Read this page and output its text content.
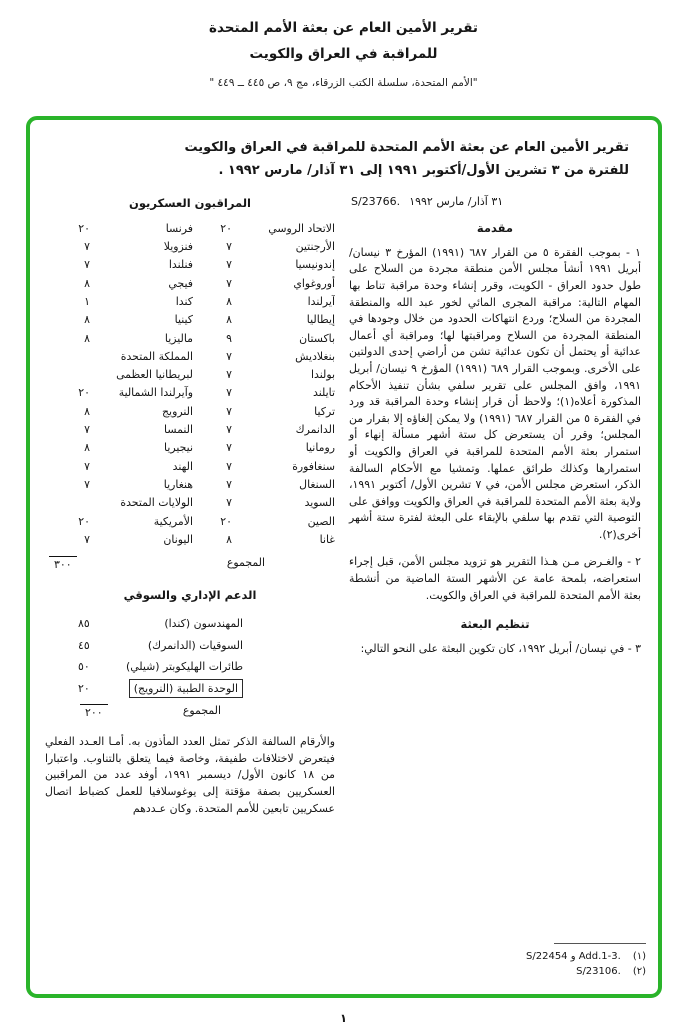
تقرير الأمين العام عن بعثة الأمم المتحدة
للمراقبة في العراق والكويت
"الأمم المتحدة، سلسلة الكتب الزرقاء، مج ٩، ص ٤٤٥ ــ ٤٤٩ "
تقرير الأمين العام عن بعثة الأمم المتحدة للمراقبة في العراق والكويت
للفترة من ٣ تشرين الأول/أكتوبر ١٩٩١ إلى ٣١ آذار/ مارس ١٩٩٢ .
S/23766. ٣١ آذار/ مارس ١٩٩٢
مقدمة
١ - بموجب الفقرة ٥ من القرار ٦٨٧ (١٩٩١) المؤرخ ٣ نيسان/ أبريل ١٩٩١ أنشأ مجلس الأمن منطقة مجردة من السلاح على طول حدود العراق - الكويت، وقرر إنشاء وحدة مراقبة تناط بها المهام التالية: مراقبة المجرى المائي لخور عبد الله والمنطقة المجردة من السلاح؛ وردع انتهاكات الحدود من خلال وجودها في المنطقة المجردة من السلاح ومراقبتها لها؛ ومراقبة أي أعمال عدائية أو يحتمل أن تكون عدائية تشن من أراضي إحدى الدولتين على الأخرى. وبموجب القرار ٦٨٩ (١٩٩١) المؤرخ ٩ نيسان/ أبريل ١٩٩١، وافق المجلس على تقرير سلفي بشأن تنفيذ الأحكام المذكورة أعلاه(١)؛ ولاحظ أن قرار إنشاء وحدة المراقبة قد ورد في الفقرة ٥ من القرار ٦٨٧ (١٩٩١) ولا يمكن إلغاؤه إلا بقرار من المجلس؛ وقرر أن يستعرض كل ستة أشهر مسألة إنهاء أو استمرار بعثة الأمم المتحدة للمراقبة في العراق والكويت أو استمرارها وكذلك طرائق عملها. وتمشيا مع الأحكام السالفة الذكر، استعرض مجلس الأمن، في ٧ تشرين الأول/ أكتوبر ١٩٩١، ولاية بعثة الأمم المتحدة للمراقبة في العراق والكويت ووافق على التوصية التي تقدم بها سلفي بالإبقاء على البعثة لفترة ستة أشهر أخرى(٢).
٢ - والغـرض مـن هـذا التقرير هو تزويد مجلس الأمن، قبل إجراء استعراضه، بلمحة عامة عن الأشهر الستة الماضية من أنشطة بعثة الأمم المتحدة للمراقبة في العراق والكويت.
تنظيم البعثة
٣ - في نيسان/ أبريل ١٩٩٢، كان تكوين البعثة على النحو التالي:
المراقبون العسكريون
الاتحاد الروسي
٢٠
فرنسا
٢٠
الأرجنتين
٧
فنزويلا
٧
إندونيسيا
٧
فنلندا
٧
أوروغواي
٧
فيجي
٨
آيرلندا
٨
كندا
١
إيطاليا
٨
كينيا
٨
باكستان
٩
ماليزيا
٨
بنغلاديش
٧
المملكة المتحدة
بولندا
٧
لبريطانيا العظمى
تايلند
٧
وآيرلندا الشمالية
٢٠
تركيا
٧
النرويج
٨
الدانمرك
٧
النمسا
٧
رومانيا
٧
نيجيريا
٨
سنغافورة
٧
الهند
٧
السنغال
٧
هنغاريا
٧
السويد
٧
الولايات المتحدة
الصين
٢٠
الأمريكية
٢٠
غانا
٨
اليونان
٧
المجموع
٣٠٠
الدعم الإداري والسوقي
المهندسون (كندا)
٨٥
السوقيات (الدانمرك)
٤٥
طائرات الهليكوبتر (شيلي)
٥٠
الوحدة الطبية (النرويج)
٢٠
المجموع
٢٠٠
والأرقام السالفة الذكر تمثل العدد المأذون به. أمـا العـدد الفعلي فيتعرض لاختلافات طفيفة، وخاصة فيما يتعلق بالتناوب. واعتبارا من ١٨ كانون الأول/ ديسمبر ١٩٩١، أوفد عدد من المراقبين العسكريين بصفة مؤقتة إلى يوغوسلافيا للعمل كضباط اتصال عسكريين تابعين للأمم المتحدة. وكان عـددهم
(١)
S/22454 و Add.1-3.
(٢)
S/23106.
١
